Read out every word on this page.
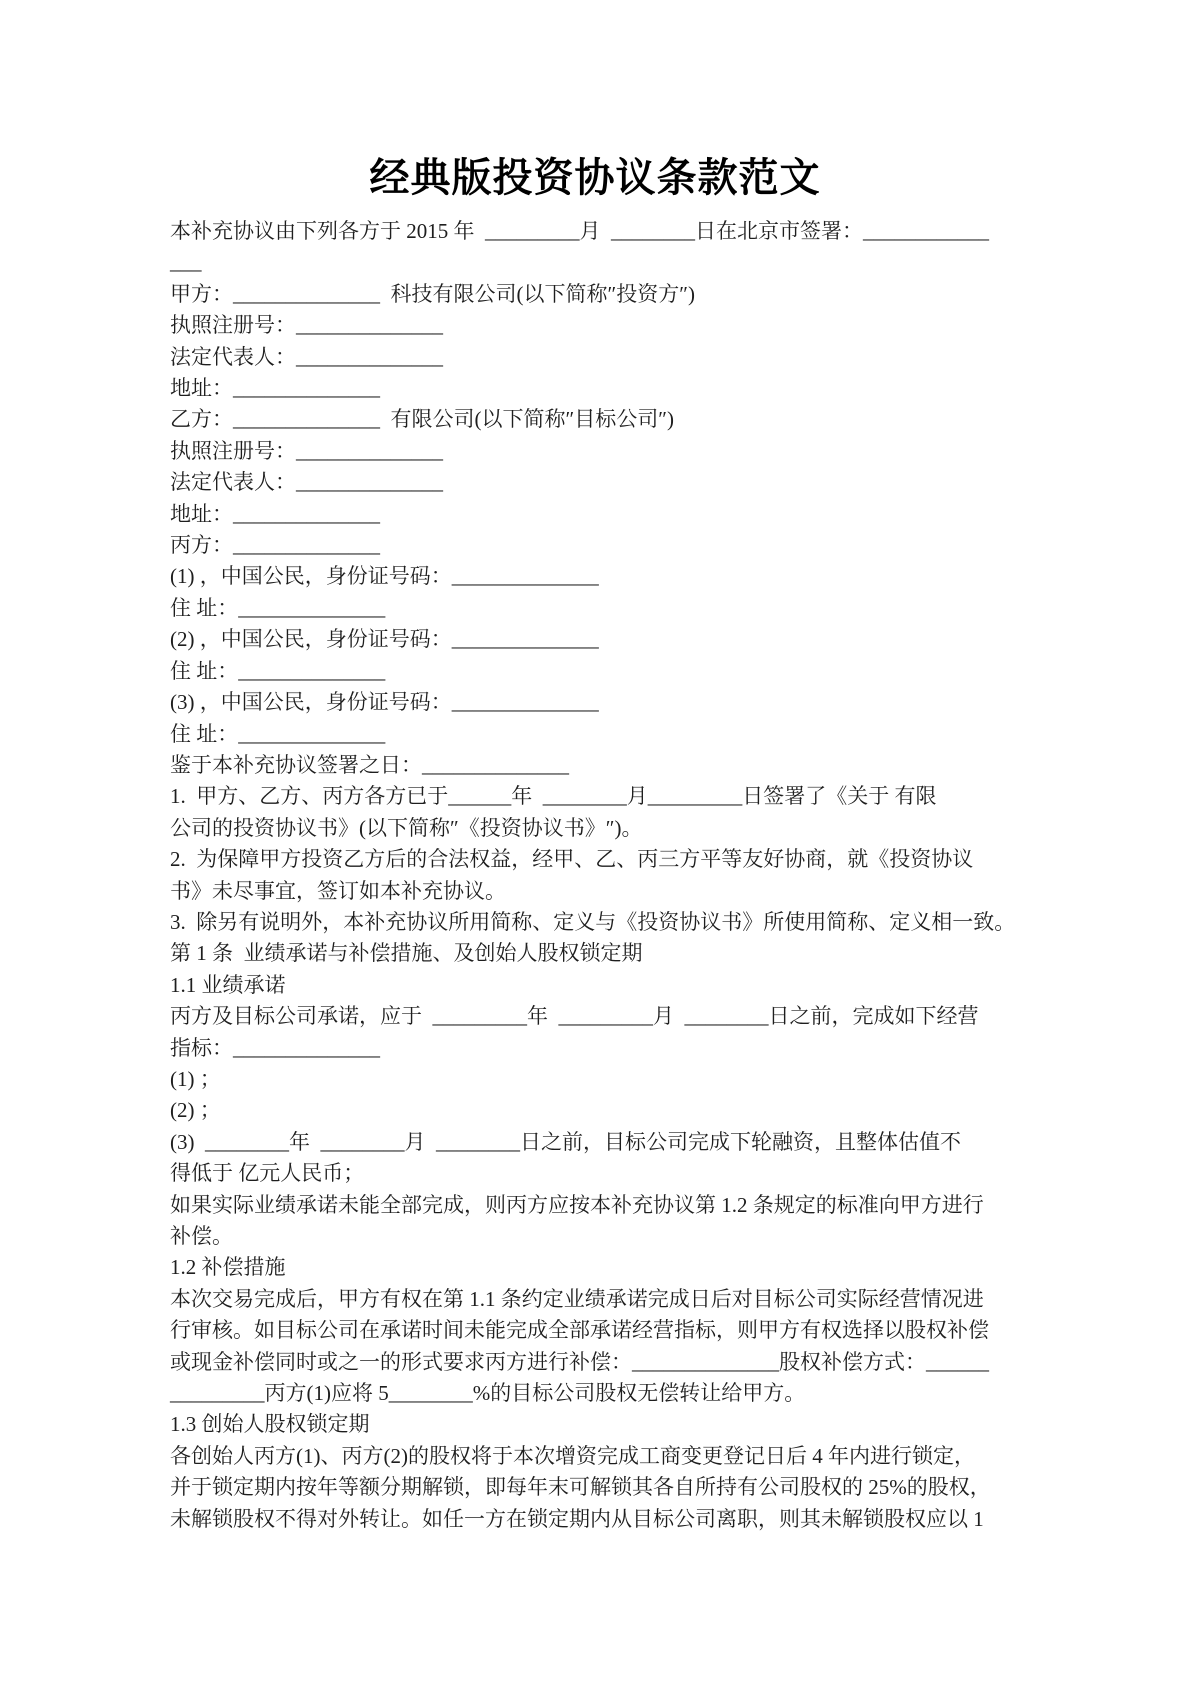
经典版投资协议条款范文
本补充协议由下列各方于 2015 年  _________月  ________日在北京市签署：____________
___
甲方：______________  科技有限公司(以下简称″投资方″)
执照注册号：______________
法定代表人：______________
地址：______________
乙方：______________  有限公司(以下简称″目标公司″)
执照注册号：______________
法定代表人：______________
地址：______________
丙方：______________
(1) ，中国公民，身份证号码：______________
住 址：______________
(2) ，中国公民，身份证号码：______________
住 址：______________
(3) ，中国公民，身份证号码：______________
住 址：______________
鉴于本补充协议签署之日：______________
1.  甲方、乙方、丙方各方已于______年  ________月_________日签署了《关于 有限
公司的投资协议书》(以下简称″《投资协议书》″)。
2.  为保障甲方投资乙方后的合法权益，经甲、乙、丙三方平等友好协商，就《投资协议
书》未尽事宜，签订如本补充协议。
3.  除另有说明外，本补充协议所用简称、定义与《投资协议书》所使用简称、定义相一致。
第 1 条  业绩承诺与补偿措施、及创始人股权锁定期
1.1 业绩承诺
丙方及目标公司承诺，应于  _________年  _________月  ________日之前，完成如下经营
指标：______________
(1) ；
(2) ；
(3)  ________年  ________月  ________日之前，目标公司完成下轮融资，且整体估值不
得低于 亿元人民币；
如果实际业绩承诺未能全部完成，则丙方应按本补充协议第 1.2 条规定的标准向甲方进行
补偿。
1.2 补偿措施
本次交易完成后，甲方有权在第 1.1 条约定业绩承诺完成日后对目标公司实际经营情况进
行审核。如目标公司在承诺时间未能完成全部承诺经营指标，则甲方有权选择以股权补偿
或现金补偿同时或之一的形式要求丙方进行补偿：______________股权补偿方式：______
_________丙方(1)应将 5________%的目标公司股权无偿转让给甲方。
1.3 创始人股权锁定期
各创始人丙方(1)、丙方(2)的股权将于本次增资完成工商变更登记日后 4 年内进行锁定，
并于锁定期内按年等额分期解锁，即每年末可解锁其各自所持有公司股权的 25%的股权，
未解锁股权不得对外转让。如任一方在锁定期内从目标公司离职，则其未解锁股权应以 1
